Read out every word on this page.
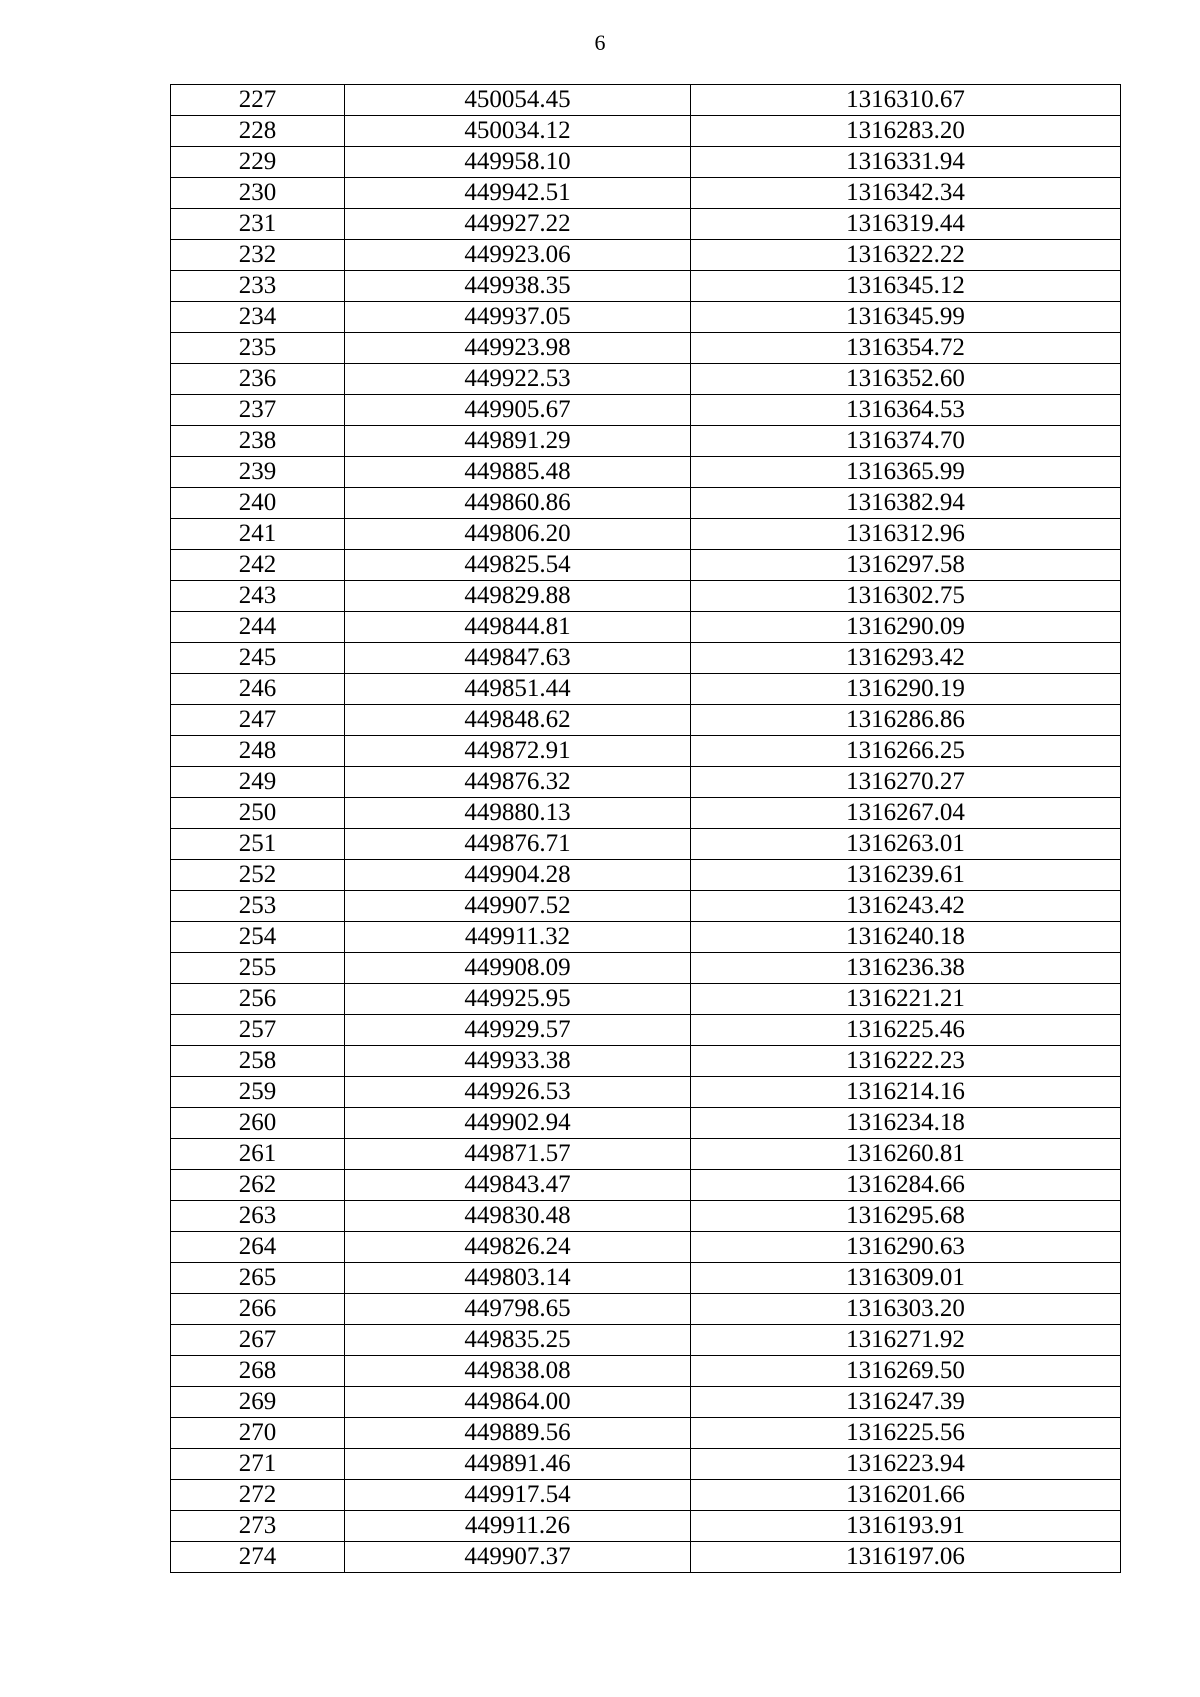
6
227	450054.45	1316310.67
228	450034.12	1316283.20
229	449958.10	1316331.94
230	449942.51	1316342.34
231	449927.22	1316319.44
232	449923.06	1316322.22
233	449938.35	1316345.12
234	449937.05	1316345.99
235	449923.98	1316354.72
236	449922.53	1316352.60
237	449905.67	1316364.53
238	449891.29	1316374.70
239	449885.48	1316365.99
240	449860.86	1316382.94
241	449806.20	1316312.96
242	449825.54	1316297.58
243	449829.88	1316302.75
244	449844.81	1316290.09
245	449847.63	1316293.42
246	449851.44	1316290.19
247	449848.62	1316286.86
248	449872.91	1316266.25
249	449876.32	1316270.27
250	449880.13	1316267.04
251	449876.71	1316263.01
252	449904.28	1316239.61
253	449907.52	1316243.42
254	449911.32	1316240.18
255	449908.09	1316236.38
256	449925.95	1316221.21
257	449929.57	1316225.46
258	449933.38	1316222.23
259	449926.53	1316214.16
260	449902.94	1316234.18
261	449871.57	1316260.81
262	449843.47	1316284.66
263	449830.48	1316295.68
264	449826.24	1316290.63
265	449803.14	1316309.01
266	449798.65	1316303.20
267	449835.25	1316271.92
268	449838.08	1316269.50
269	449864.00	1316247.39
270	449889.56	1316225.56
271	449891.46	1316223.94
272	449917.54	1316201.66
273	449911.26	1316193.91
274	449907.37	1316197.06
